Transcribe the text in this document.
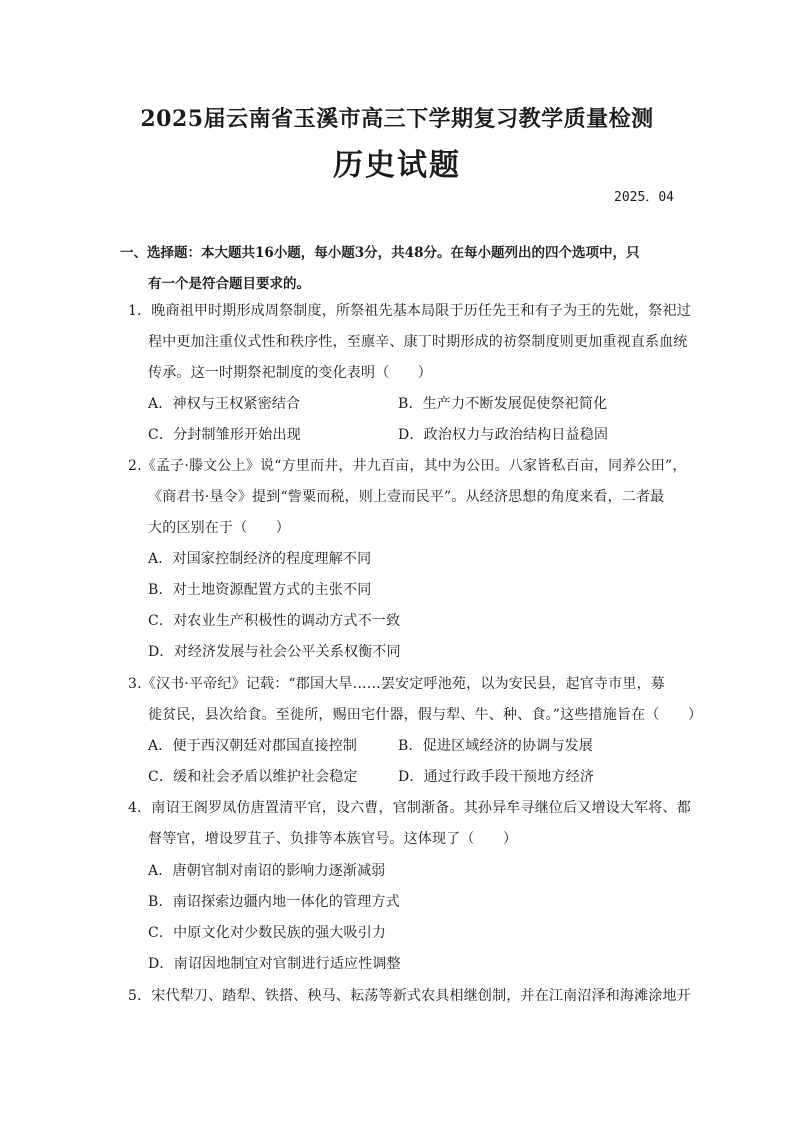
2025届云南省玉溪市高三下学期复习教学质量检测
历史试题
2025．04
一、选择题：本大题共16小题，每小题3分，共48分。在每小题列出的四个选项中，只
有一个是符合题目要求的。
1．晚商祖甲时期形成周祭制度，所祭祖先基本局限于历任先王和有子为王的先妣，祭祀过
程中更加注重仪式性和秩序性，至廪辛、康丁时期形成的祊祭制度则更加重视直系血统
传承。这一时期祭祀制度的变化表明（　　）
A．神权与王权紧密结合	B．生产力不断发展促使祭祀简化
C．分封制雏形开始出现	D．政治权力与政治结构日益稳固
2.《孟子·滕文公上》说“方里而井，井九百亩，其中为公田。八家皆私百亩，同养公田”，
《商君书·垦令》提到“訾粟而税，则上壹而民平”。从经济思想的角度来看，二者最
大的区别在于（　　）
A．对国家控制经济的程度理解不同
B．对土地资源配置方式的主张不同
C．对农业生产积极性的调动方式不一致
D．对经济发展与社会公平关系权衡不同
3.《汉书·平帝纪》记载：“郡国大旱……罢安定呼池苑，以为安民县，起官寺市里，募
徙贫民，县次给食。至徙所，赐田宅什器，假与犁、牛、种、食。”这些措施旨在（　　）
A．便于西汉朝廷对郡国直接控制	B．促进区域经济的协调与发展
C．缓和社会矛盾以维护社会稳定	D．通过行政手段干预地方经济
4．南诏王阁罗凤仿唐置清平官，设六曹，官制渐备。其孙异牟寻继位后又增设大军将、都
督等官，增设罗苴子、负排等本族官号。这体现了（　　）
A．唐朝官制对南诏的影响力逐渐减弱
B．南诏探索边疆内地一体化的管理方式
C．中原文化对少数民族的强大吸引力
D．南诏因地制宜对官制进行适应性调整
5．宋代犁刀、踏犁、铁搭、秧马、耘荡等新式农具相继创制，并在江南沼泽和海滩涂地开
